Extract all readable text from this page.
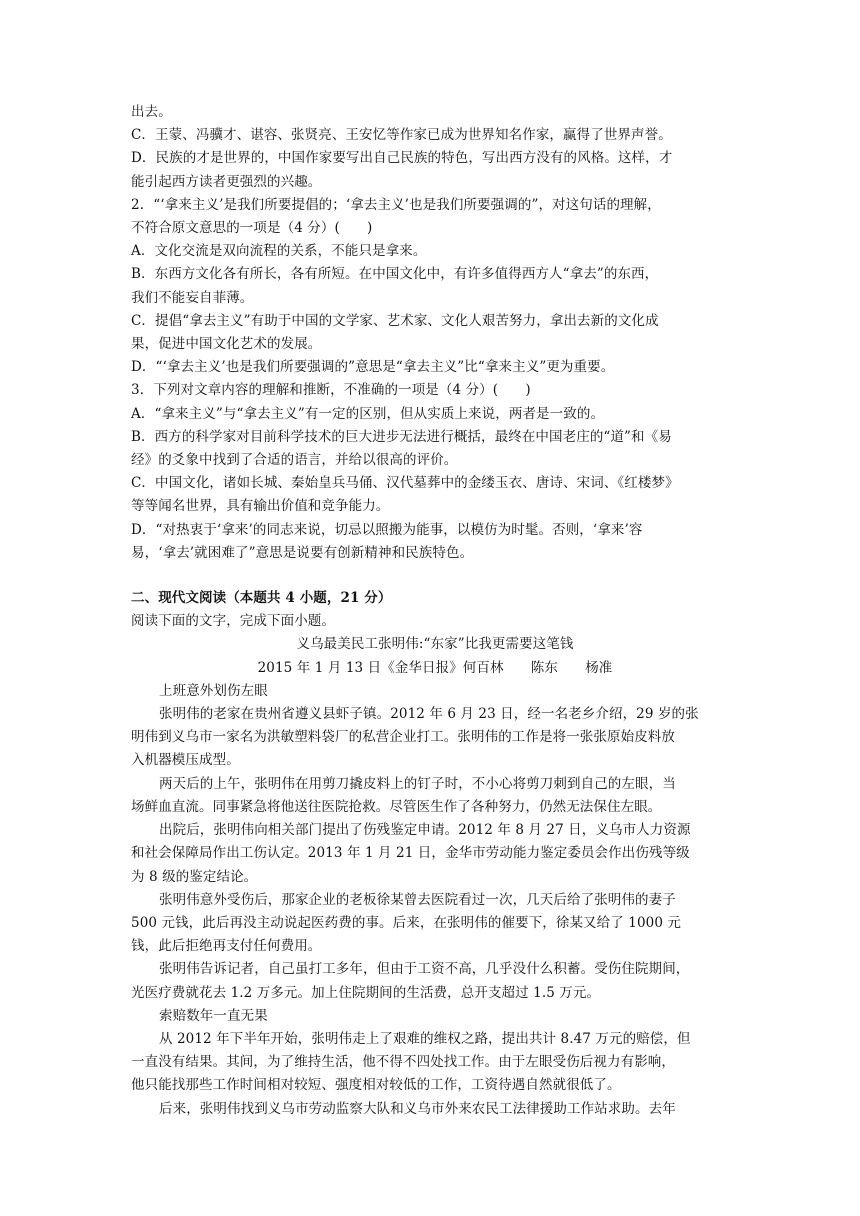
出去。
C．王蒙、冯骥才、谌容、张贤亮、王安忆等作家已成为世界知名作家，赢得了世界声誉。
D．民族的才是世界的，中国作家要写出自己民族的特色，写出西方没有的风格。这样，才
能引起西方读者更强烈的兴趣。
2．“‘拿来主义’是我们所要提倡的；‘拿去主义’也是我们所要强调的”，对这句话的理解，
不符合原文意思的一项是（4 分）(　　)
A．文化交流是双向流程的关系，不能只是拿来。
B．东西方文化各有所长，各有所短。在中国文化中，有许多值得西方人“拿去”的东西，
我们不能妄自菲薄。
C．提倡“拿去主义”有助于中国的文学家、艺术家、文化人艰苦努力，拿出去新的文化成
果，促进中国文化艺术的发展。
D．“‘拿去主义’也是我们所要强调的”意思是“拿去主义”比“拿来主义”更为重要。
3．下列对文章内容的理解和推断，不准确的一项是（4 分）(　　)
A．“拿来主义”与“拿去主义”有一定的区别，但从实质上来说，两者是一致的。
B．西方的科学家对目前科学技术的巨大进步无法进行概括，最终在中国老庄的“道”和《易
经》的爻象中找到了合适的语言，并给以很高的评价。
C．中国文化，诸如长城、秦始皇兵马俑、汉代墓葬中的金缕玉衣、唐诗、宋词、《红楼梦》
等等闻名世界，具有输出价值和竞争能力。
D．“对热衷于‘拿来’的同志来说，切忌以照搬为能事，以模仿为时髦。否则，‘拿来’容
易，‘拿去’就困难了”意思是说要有创新精神和民族特色。
二、现代文阅读（本题共 4 小题，21 分）
阅读下面的文字，完成下面小题。
义乌最美民工张明伟:“东家”比我更需要这笔钱
2015 年 1 月 13 日《金华日报》何百林　　陈东　　杨准
上班意外划伤左眼
张明伟的老家在贵州省遵义县虾子镇。2012 年 6 月 23 日，经一名老乡介绍，29 岁的张
明伟到义乌市一家名为洪敏塑料袋厂的私营企业打工。张明伟的工作是将一张张原始皮料放
入机器模压成型。
两天后的上午，张明伟在用剪刀撬皮料上的钉子时，不小心将剪刀刺到自己的左眼，当
场鲜血直流。同事紧急将他送往医院抢救。尽管医生作了各种努力，仍然无法保住左眼。
出院后，张明伟向相关部门提出了伤残鉴定申请。2012 年 8 月 27 日，义乌市人力资源
和社会保障局作出工伤认定。2013 年 1 月 21 日，金华市劳动能力鉴定委员会作出伤残等级
为 8 级的鉴定结论。
张明伟意外受伤后，那家企业的老板徐某曾去医院看过一次，几天后给了张明伟的妻子
500 元钱，此后再没主动说起医药费的事。后来，在张明伟的催要下，徐某又给了 1000 元
钱，此后拒绝再支付任何费用。
张明伟告诉记者，自己虽打工多年，但由于工资不高，几乎没什么积蓄。受伤住院期间，
光医疗费就花去 1.2 万多元。加上住院期间的生活费，总开支超过 1.5 万元。
索赔数年一直无果
从 2012 年下半年开始，张明伟走上了艰难的维权之路，提出共计 8.47 万元的赔偿，但
一直没有结果。其间，为了维持生活，他不得不四处找工作。由于左眼受伤后视力有影响，
他只能找那些工作时间相对较短、强度相对较低的工作，工资待遇自然就很低了。
后来，张明伟找到义乌市劳动监察大队和义乌市外来农民工法律援助工作站求助。去年
